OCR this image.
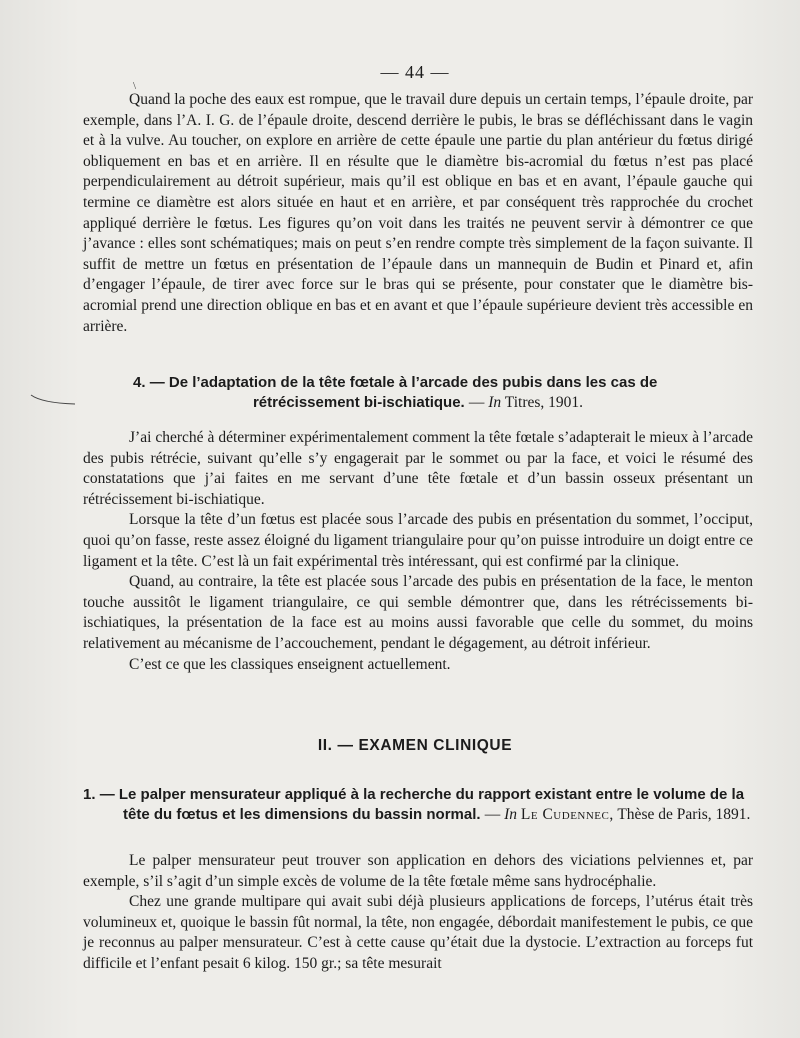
— 44 —
\

Quand la poche des eaux est rompue, que le travail dure depuis un certain temps, l’épaule droite, par exemple, dans l’A. I. G. de l’épaule droite, descend derrière le pubis, le bras se défléchissant dans le vagin et à la vulve. Au toucher, on explore en arrière de cette épaule une partie du plan antérieur du fœtus dirigé obliquement en bas et en arrière. Il en résulte que le diamètre bis-acromial du fœtus n’est pas placé perpendiculairement au détroit supérieur, mais qu’il est oblique en bas et en avant, l’épaule gauche qui termine ce diamètre est alors située en haut et en arrière, et par conséquent très rapprochée du crochet appliqué derrière le fœtus. Les figures qu’on voit dans les traités ne peuvent servir à démontrer ce que j’avance : elles sont schématiques; mais on peut s’en rendre compte très simplement de la façon suivante. Il suffit de mettre un fœtus en présentation de l’épaule dans un mannequin de Budin et Pinard et, afin d’engager l’épaule, de tirer avec force sur le bras qui se présente, pour constater que le diamètre bis-acromial prend une direction oblique en bas et en avant et que l’épaule supérieure devient très accessible en arrière.

4. — De l’adaptation de la tête fœtale à l’arcade des pubis dans les cas de
rétrécissement bi-ischiatique. — In Titres, 1901.

J’ai cherché à déterminer expérimentalement comment la tête fœtale s’adapterait le mieux à l’arcade des pubis rétrécie, suivant qu’elle s’y engagerait par le sommet ou par la face, et voici le résumé des constatations que j’ai faites en me servant d’une tête fœtale et d’un bassin osseux présentant un rétrécissement bi-ischiatique.

Lorsque la tête d’un fœtus est placée sous l’arcade des pubis en présentation du sommet, l’occiput, quoi qu’on fasse, reste assez éloigné du ligament triangulaire pour qu’on puisse introduire un doigt entre ce ligament et la tête. C’est là un fait expérimental très intéressant, qui est confirmé par la clinique.

Quand, au contraire, la tête est placée sous l’arcade des pubis en présentation de la face, le menton touche aussitôt le ligament triangulaire, ce qui semble démontrer que, dans les rétrécissements bi-ischiatiques, la présentation de la face est au moins aussi favorable que celle du sommet, du moins relativement au mécanisme de l’accouchement, pendant le dégagement, au détroit inférieur.

C’est ce que les classiques enseignent actuellement.

II. — EXAMEN CLINIQUE
1. — Le palper mensurateur appliqué à la recherche du rapport existant entre le volume de la tête du fœtus et les dimensions du bassin normal. — In Le Cudennec, Thèse de Paris, 1891.

Le palper mensurateur peut trouver son application en dehors des viciations pelviennes et, par exemple, s’il s’agit d’un simple excès de volume de la tête fœtale même sans hydrocéphalie.

Chez une grande multipare qui avait subi déjà plusieurs applications de forceps, l’utérus était très volumineux et, quoique le bassin fût normal, la tête, non engagée, débordait manifestement le pubis, ce que je reconnus au palper mensurateur. C’est à cette cause qu’était due la dystocie. L’extraction au forceps fut difficile et l’enfant pesait 6 kilog. 150 gr.; sa tête mesurait
